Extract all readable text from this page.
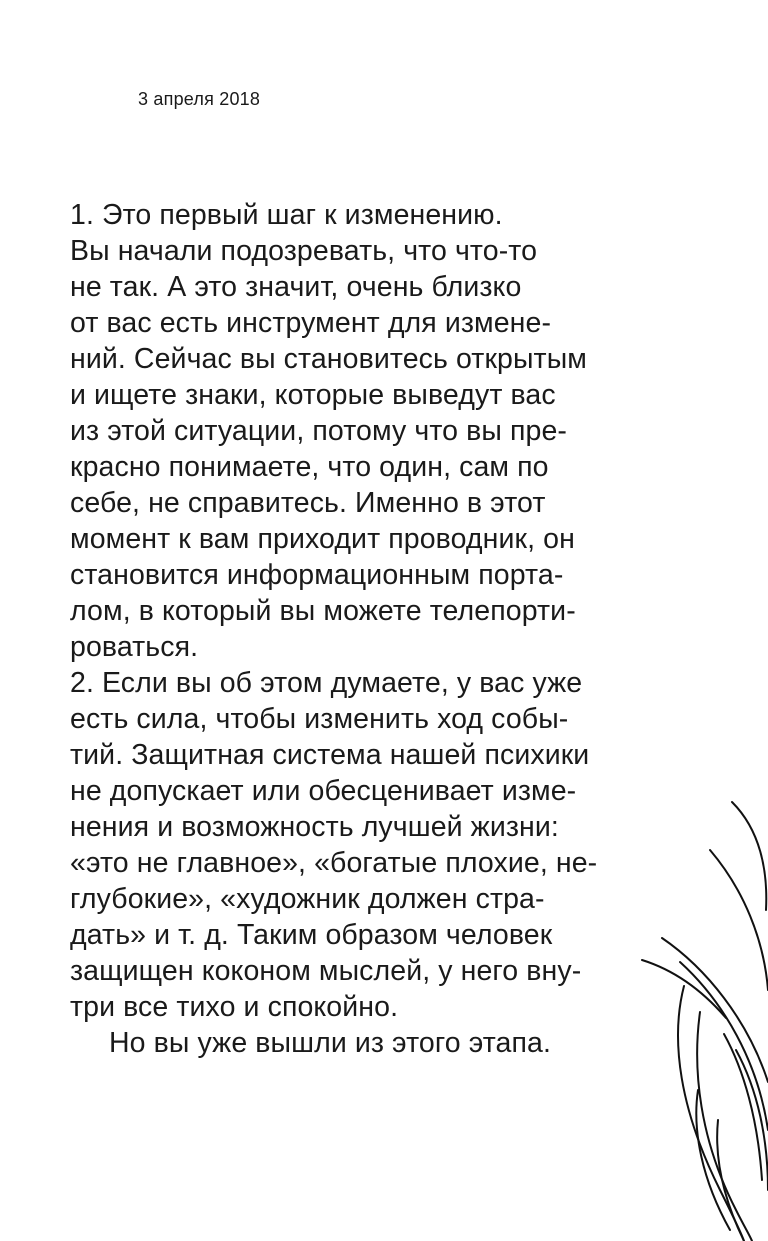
3 апреля 2018
1. Это первый шаг к изменению.
Вы начали подозревать, что что-то
не так. А это значит, очень близко
от вас есть инструмент для измене-
ний. Сейчас вы становитесь открытым
и ищете знаки, которые выведут вас
из этой ситуации, потому что вы пре-
красно понимаете, что один, сам по
себе, не справитесь. Именно в этот
момент к вам приходит проводник, он
становится информационным порта-
лом, в который вы можете телепорти-
роваться.
2. Если вы об этом думаете, у вас уже
есть сила, чтобы изменить ход собы-
тий. Защитная система нашей психики
не допускает или обесценивает изме-
нения и возможность лучшей жизни:
«это не главное», «богатые плохие, не-
глубокие», «художник должен стра-
дать» и т. д. Таким образом человек
защищен коконом мыслей, у него вну-
три все тихо и спокойно.
Но вы уже вышли из этого этапа.
